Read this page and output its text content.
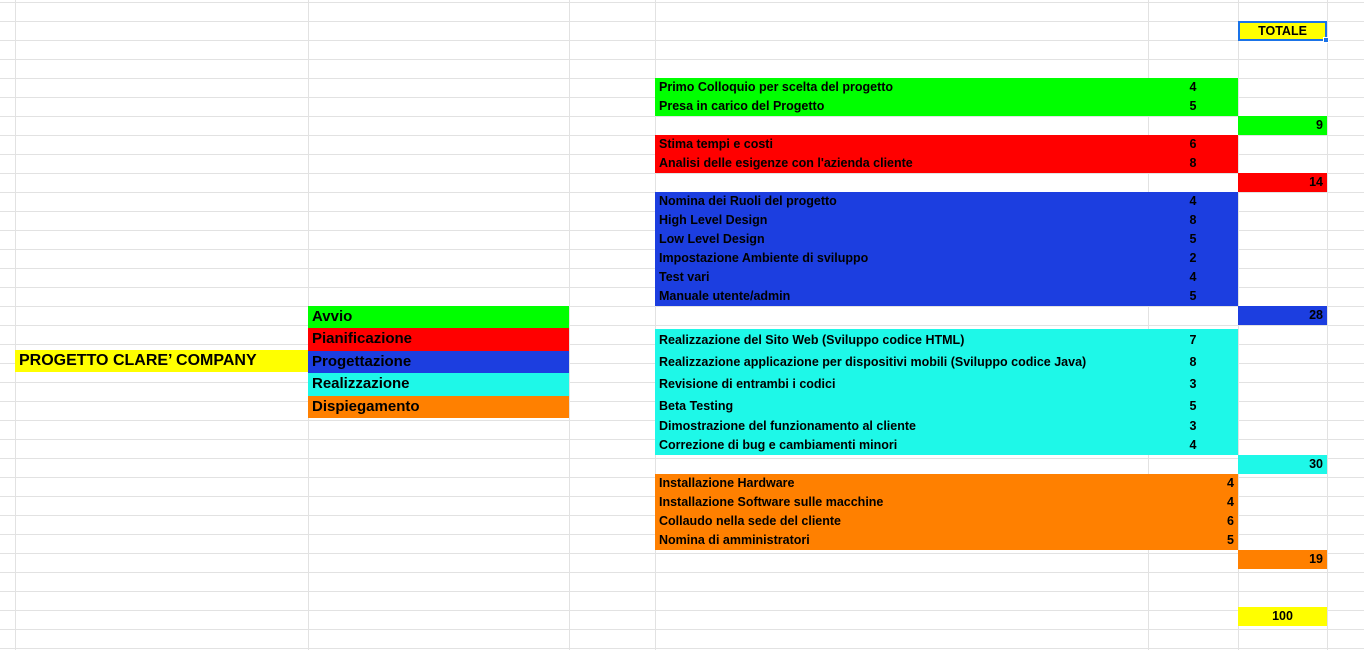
PROGETTO CLARE’ COMPANY
Avvio
Pianificazione
Progettazione
Realizzazione
Dispiegamento
TOTALE
Primo Colloquio per scelta del progetto	4
Presa in carico del Progetto	5
9
Stima tempi e costi	6
Analisi delle esigenze con l'azienda cliente	8
14
Nomina dei Ruoli del progetto	4
High Level Design	8
Low Level Design	5
Impostazione Ambiente di sviluppo	2
Test vari	4
Manuale utente/admin	5
28
Realizzazione del Sito Web (Sviluppo codice HTML)	7
Realizzazione applicazione per dispositivi mobili (Sviluppo codice Java)	8
Revisione di entrambi i codici	3
Beta Testing	5
Dimostrazione del funzionamento al cliente	3
Correzione di bug e cambiamenti minori	4
30
Installazione Hardware	4
Installazione Software sulle macchine	4
Collaudo nella sede del cliente	6
Nomina di amministratori	5
19
100
